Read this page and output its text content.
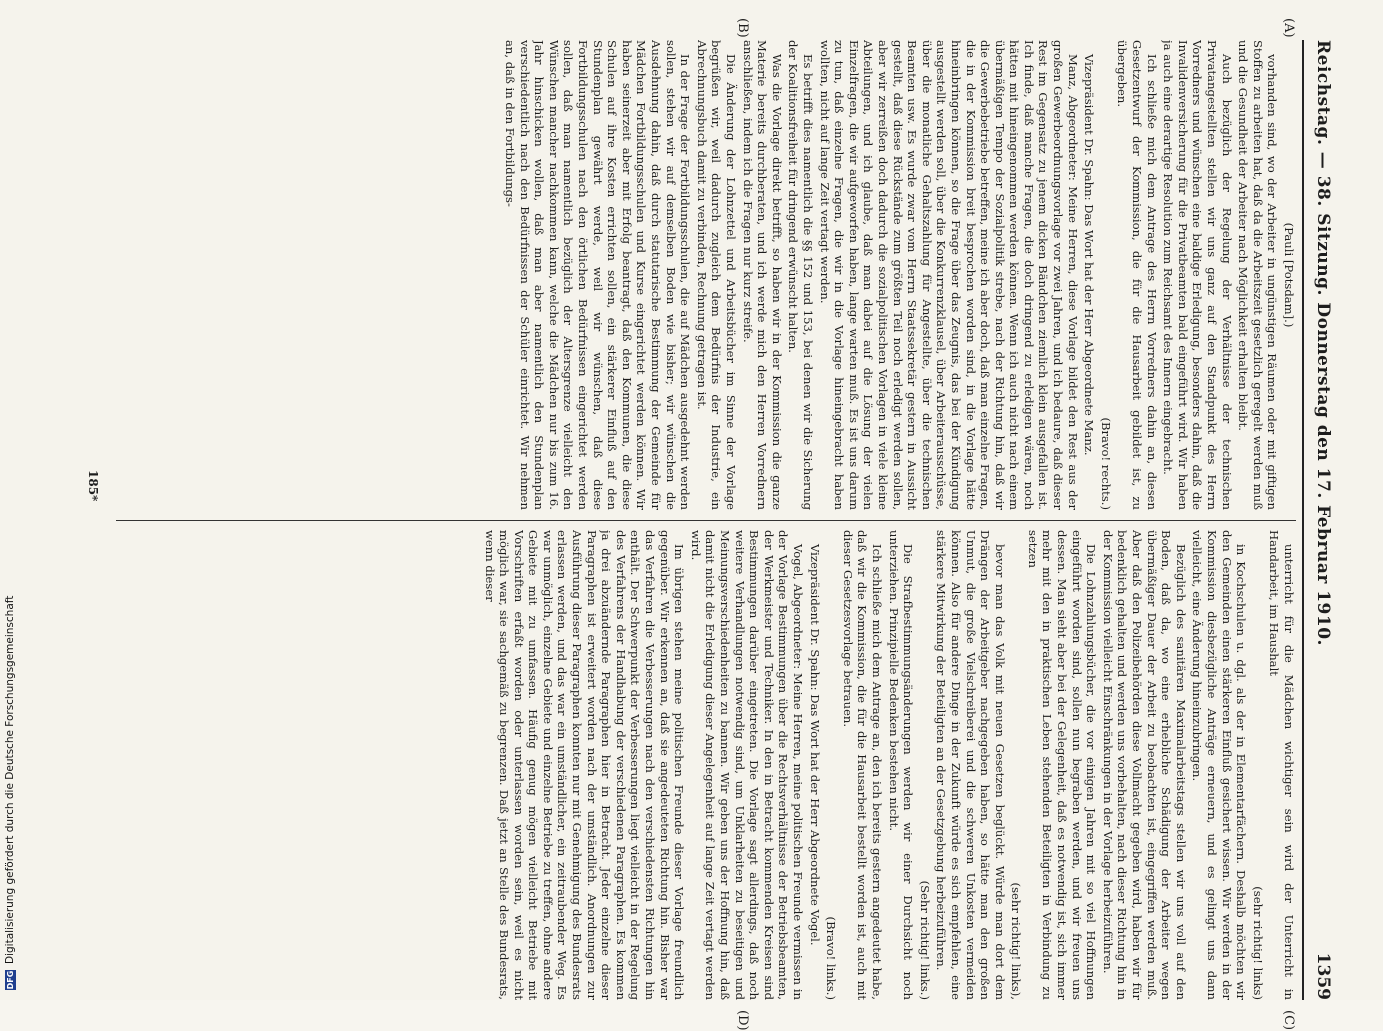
Reichstag. — 38. Sitzung. Donnerstag den 17. Februar 1910.
1359
(A)
(B)
(C)
(D)

(Pauli [Potsdam].)

vorhanden sind, wo der Arbeiter in ungünstigen Räumen oder mit giftigen Stoffen zu arbeiten hat, daß da die Arbeitszeit gesetzlich geregelt werden muß und die Gesundheit der Arbeiter nach Möglichkeit erhalten bleibt.

Auch bezüglich der Regelung der Verhältnisse der technischen Privatangestellten stellen wir uns ganz auf den Standpunkt des Herrn Vorredners und wünschen eine baldige Erledigung, besonders dahin, daß die Invalidenversicherung für die Privatbeamten bald eingeführt wird. Wir haben ja auch eine derartige Resolution zum Reichsamt des Innern eingebracht.

Ich schließe mich dem Antrage des Herrn Vorredners dahin an, diesen Gesetzentwurf der Kommission, die für die Hausarbeit gebildet ist, zu übergeben.

(Bravo! rechts.)

Vizepräsident Dr. Spahn: Das Wort hat der Herr Abgeordnete Manz.

Manz, Abgeordneter: Meine Herren, diese Vorlage bildet den Rest aus der großen Gewerbeordnungsvorlage vor zwei Jahren, und ich bedaure, daß dieser Rest im Gegensatz zu jenem dicken Bändchen ziemlich klein ausgefallen ist. Ich finde, daß manche Fragen, die doch dringend zu erledigen wären, noch hätten mit hineingenommen werden können. Wenn ich auch nicht nach einem übermäßigen Tempo der Sozialpolitik strebe, nach der Richtung hin, daß wir die Gewerbebetriebe betreffen, meine ich aber doch, daß man einzelne Fragen, die in der Kommission breit besprochen worden sind, in die Vorlage hätte hineinbringen können, so die Frage über das Zeugnis, das bei der Kündigung ausgestellt werden soll, über die Konkurrenzklausel, über Arbeiterausschüsse, über die monatliche Gehaltszahlung für Angestellte, über die technischen Beamten usw. Es wurde zwar vom Herrn Staatssekretär gestern in Aussicht gestellt, daß diese Rückstände zum größten Teil noch erledigt werden sollen, aber wir zerreißen doch dadurch die sozialpolitischen Vorlagen in viele kleine Abteilungen, und ich glaube, daß man dabei auf die Lösung der vielen Einzelfragen, die wir aufgeworfen haben, lange warten muß. Es ist uns darum zu tun, daß einzelne Fragen, die wir in die Vorlage hineingebracht haben wollten, nicht auf lange Zeit vertagt werden.

Es betrifft dies namentlich die §§ 152 und 153, bei denen wir die Sicherung der Koalitionsfreiheit für dringend erwünscht halten.

Was die Vorlage direkt betrifft, so haben wir in der Kommission die ganze Materie bereits durchberaten, und ich werde mich den Herren Vorrednern anschließen, indem ich die Fragen nur kurz streife.

Die Änderung der Lohnzettel und Arbeitsbücher im Sinne der Vorlage begrüßen wir, weil dadurch zugleich dem Bedürfnis der Industrie, ein Abrechnungsbuch damit zu verbinden, Rechnung getragen ist.

In der Frage der Fortbildungsschulen, die auf Mädchen ausgedehnt werden sollen, stehen wir auf demselben Boden wie bisher; wir wünschen die Ausdehnung dahin, daß durch statutarische Bestimmung der Gemeinde für Mädchen Fortbildungsschulen und Kurse eingerichtet werden können. Wir haben seinerzeit aber mit Erfolg beantragt, daß den Kommunen, die diese Schulen auf ihre Kosten errichten sollen, ein stärkerer Einfluß auf den Stundenplan gewährt werde, weil wir wünschen, daß diese Fortbildungsschulen nach den örtlichen Bedürfnissen eingerichtet werden sollen, daß man namentlich bezüglich der Altersgrenze vielleicht den Wünschen mancher nachkommen kann, welche die Mädchen nur bis zum 16. Jahr hinschicken wollen, daß man aber namentlich den Stundenplan verschiedentlich nach den Bedürfnissen der Schüler einrichtet. Wir nehmen an, daß in den Fortbildungs-

unterricht für die Mädchen wichtiger sein wird der Unterricht in Handarbeit, im Haushalt

(sehr richtig! links)

in Kochschulen u. dgl. als der in Elementarfächern. Deshalb möchten wir den Gemeinden einen stärkeren Einfluß gesichert wissen. Wir werden in der Kommission diesbezügliche Anträge erneuern, und es gelingt uns dann vielleicht, eine Änderung hineinzubringen.

Bezüglich des sanitären Maximalarbeitstags stellen wir uns voll auf den Boden, daß da, wo eine erhebliche Schädigung der Arbeiter wegen übermäßiger Dauer der Arbeit zu beobachten ist, eingegriffen werden muß. Aber daß den Polizeibehörden diese Vollmacht gegeben wird, haben wir für bedenklich gehalten und werden uns vorbehalten, nach dieser Richtung hin in der Kommission vielleicht Einschränkungen in der Vorlage herbeizuführen.

Die Lohnzahlungsbücher, die vor einigen Jahren mit so viel Hoffnungen eingeführt worden sind, sollen nun begraben werden, und wir freuen uns dessen. Man sieht aber bei der Gelegenheit, daß es notwendig ist, sich immer mehr mit den in praktischen Leben stehenden Beteiligten in Verbindung zu setzen

(sehr richtig! links),

bevor man das Volk mit neuen Gesetzen beglückt. Würde man dort dem Drängen der Arbeitgeber nachgegeben haben, so hätte man den großen Unmut, die große Vielschreiberei und die schweren Unkosten vermeiden können. Also für andere Dinge in der Zukunft würde es sich empfehlen, eine stärkere Mitwirkung der Beteiligten an der Gesetzgebung herbeizuführen.

(Sehr richtig! links.)

Die Strafbestimmungsänderungen werden wir einer Durchsicht noch unterziehen. Prinzipielle Bedenken bestehen nicht.

Ich schließe mich dem Antrage an, den ich bereits gestern angedeutet habe, daß wir die Kommission, die für die Hausarbeit bestellt worden ist, auch mit dieser Gesetzesvorlage betrauen.

(Bravo! links.)

Vizepräsident Dr. Spahn: Das Wort hat der Herr Abgeordnete Vogel.

Vogel, Abgeordneter: Meine Herren, meine politischen Freunde vermissen in der Vorlage Bestimmungen über die Rechtsverhältnisse der Betriebsbeamten, der Werkmeister und Techniker. In den in Betracht kommenden Kreisen sind Bestimmungen darüber eingetreten. Die Vorlage sagt allerdings, daß noch weitere Verhandlungen notwendig sind, um Unklarheiten zu beseitigen und Meinungsverschiedenheiten zu bannen. Wir geben uns der Hoffnung hin, daß damit nicht die Erledigung dieser Angelegenheit auf lange Zeit vertagt werden wird.

Im übrigen stehen meine politischen Freunde dieser Vorlage freundlich gegenüber. Wir erkennen an, daß sie angedeuteten Richtung hin. Bisher war das Verfahren die Verbesserungen nach den verschiedensten Richtungen hin enthält. Der Schwerpunkt der Verbesserungen liegt vielleicht in der Regelung des Verfahrens der Handhabung der verschiedenen Paragraphen. Es kommen ja drei abzuändernde Paragraphen hier in Betracht. Jeder einzelne dieser Paragraphen ist erweitert worden nach der umständlich. Anordnungen zur Ausführung dieser Paragraphen konnten nur mit Genehmigung des Bundesrats erlassen werden, und das war ein umständlicher, ein zeitraubender Weg. Es war unmöglich, einzelne Gebiete und einzelne Betriebe zu treffen, ohne andere Gebiete mit zu umfassen. Häufig genug mögen vielleicht Betriebe mit Vorschriften erfaßt worden oder unterlassen worden sein, weil es nicht möglich war, sie sachgemäß zu begrenzen. Daß jetzt an Stelle des Bundesrats, wenn dieser

185*
DFG
Digitalisierung gefördert durch die Deutsche Forschungsgemeinschaft
